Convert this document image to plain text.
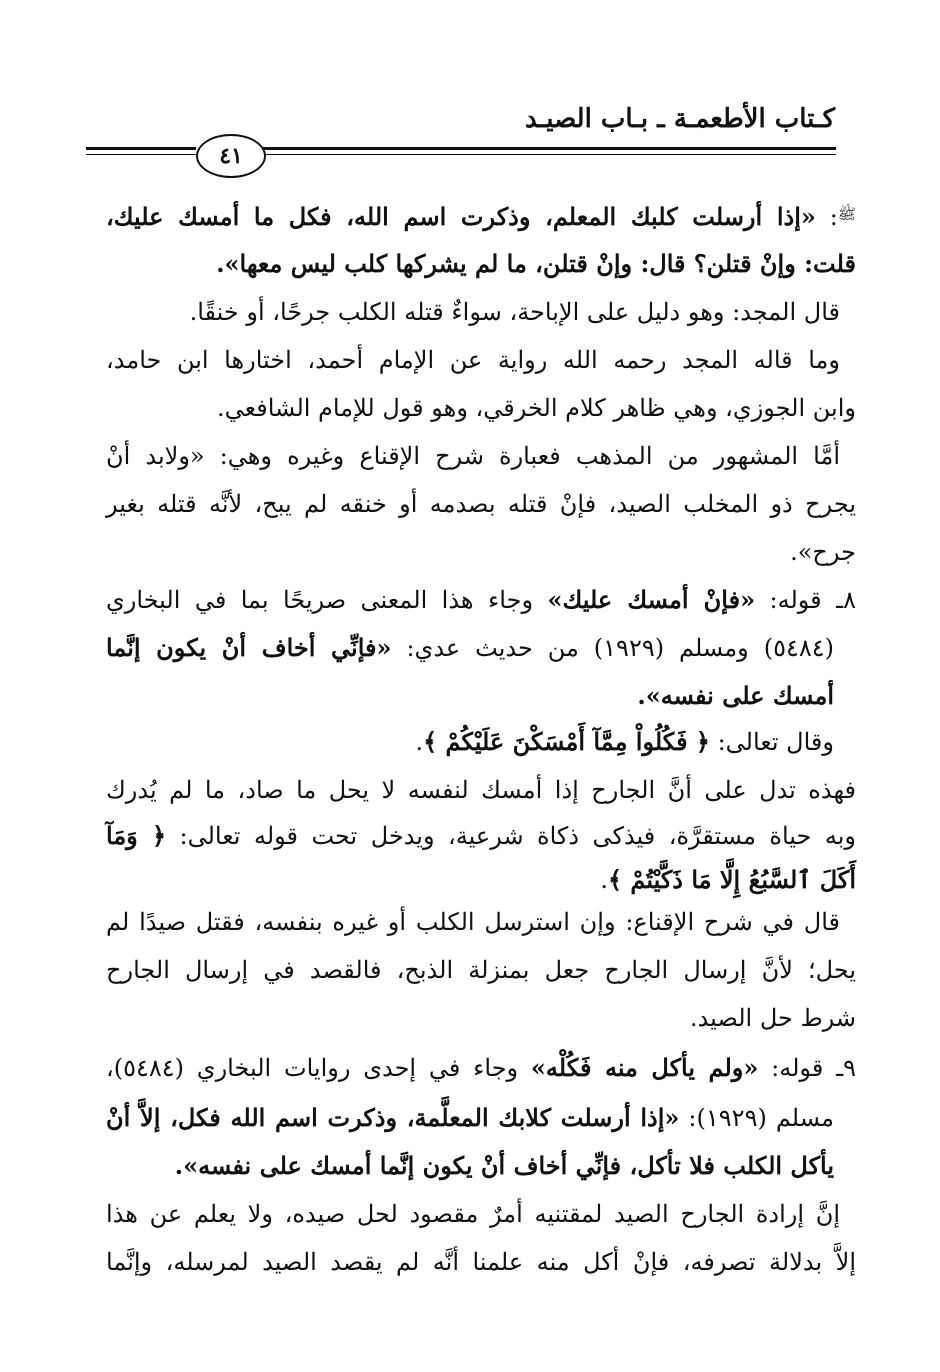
كـتاب الأطعمـة ـ بـاب الصيـد
٤١
$^ﷺ$: «إذا أرسلت كلبك المعلم، وذكرت اسم الله، فكل ما أمسك عليك،
قلت: وإنْ قتلن؟ قال: وإنْ قتلن، ما لم يشركها كلب ليس معها».
قال المجد: وهو دليل على الإباحة، سواءٌ قتله الكلب جرحًا، أو خنقًا.
وما قاله المجد رحمه الله رواية عن الإمام أحمد، اختارها ابن حامد،
وابن الجوزي، وهي ظاهر كلام الخرقي، وهو قول للإمام الشافعي.
أمَّا المشهور من المذهب فعبارة شرح الإقناع وغيره وهي: «ولابد أنْ
يجرح ذو المخلب الصيد، فإنْ قتله بصدمه أو خنقه لم يبح، لأنَّه قتله بغير
جرح».
٨ـ قوله: «فإنْ أمسك عليك» وجاء هذا المعنى صريحًا بما في البخاري
(٥٤٨٤) ومسلم (١٩٢٩) من حديث عدي: «فإنِّي أخاف أنْ يكون إنَّما
أمسك على نفسه».
وقال تعالى: ﴿ فَكُلُواْ مِمَّآ أَمْسَكْنَ عَلَيْكُمْ ﴾.
فهذه تدل على أنَّ الجارح إذا أمسك لنفسه لا يحل ما صاد، ما لم يُدرك
وبه حياة مستقرَّة، فيذكى ذكاة شرعية، ويدخل تحت قوله تعالى: ﴿ وَمَآ
أَكَلَ ٱلسَّبُعُ إِلَّا مَا ذَكَّيْتُمْ ﴾.
قال في شرح الإقناع: وإن استرسل الكلب أو غيره بنفسه، فقتل صيدًا لم
يحل؛ لأنَّ إرسال الجارح جعل بمنزلة الذبح، فالقصد في إرسال الجارح
شرط حل الصيد.
٩ـ قوله: «ولم يأكل منه فَكُلْه» وجاء في إحدى روايات البخاري (٥٤٨٤)،
مسلم (١٩٢٩): «إذا أرسلت كلابك المعلَّمة، وذكرت اسم الله فكل، إلاَّ أنْ
يأكل الكلب فلا تأكل، فإنِّي أخاف أنْ يكون إنَّما أمسك على نفسه».
إنَّ إرادة الجارح الصيد لمقتنيه أمرٌ مقصود لحل صيده، ولا يعلم عن هذا
إلاَّ بدلالة تصرفه، فإنْ أكل منه علمنا أنَّه لم يقصد الصيد لمرسله، وإنَّما
